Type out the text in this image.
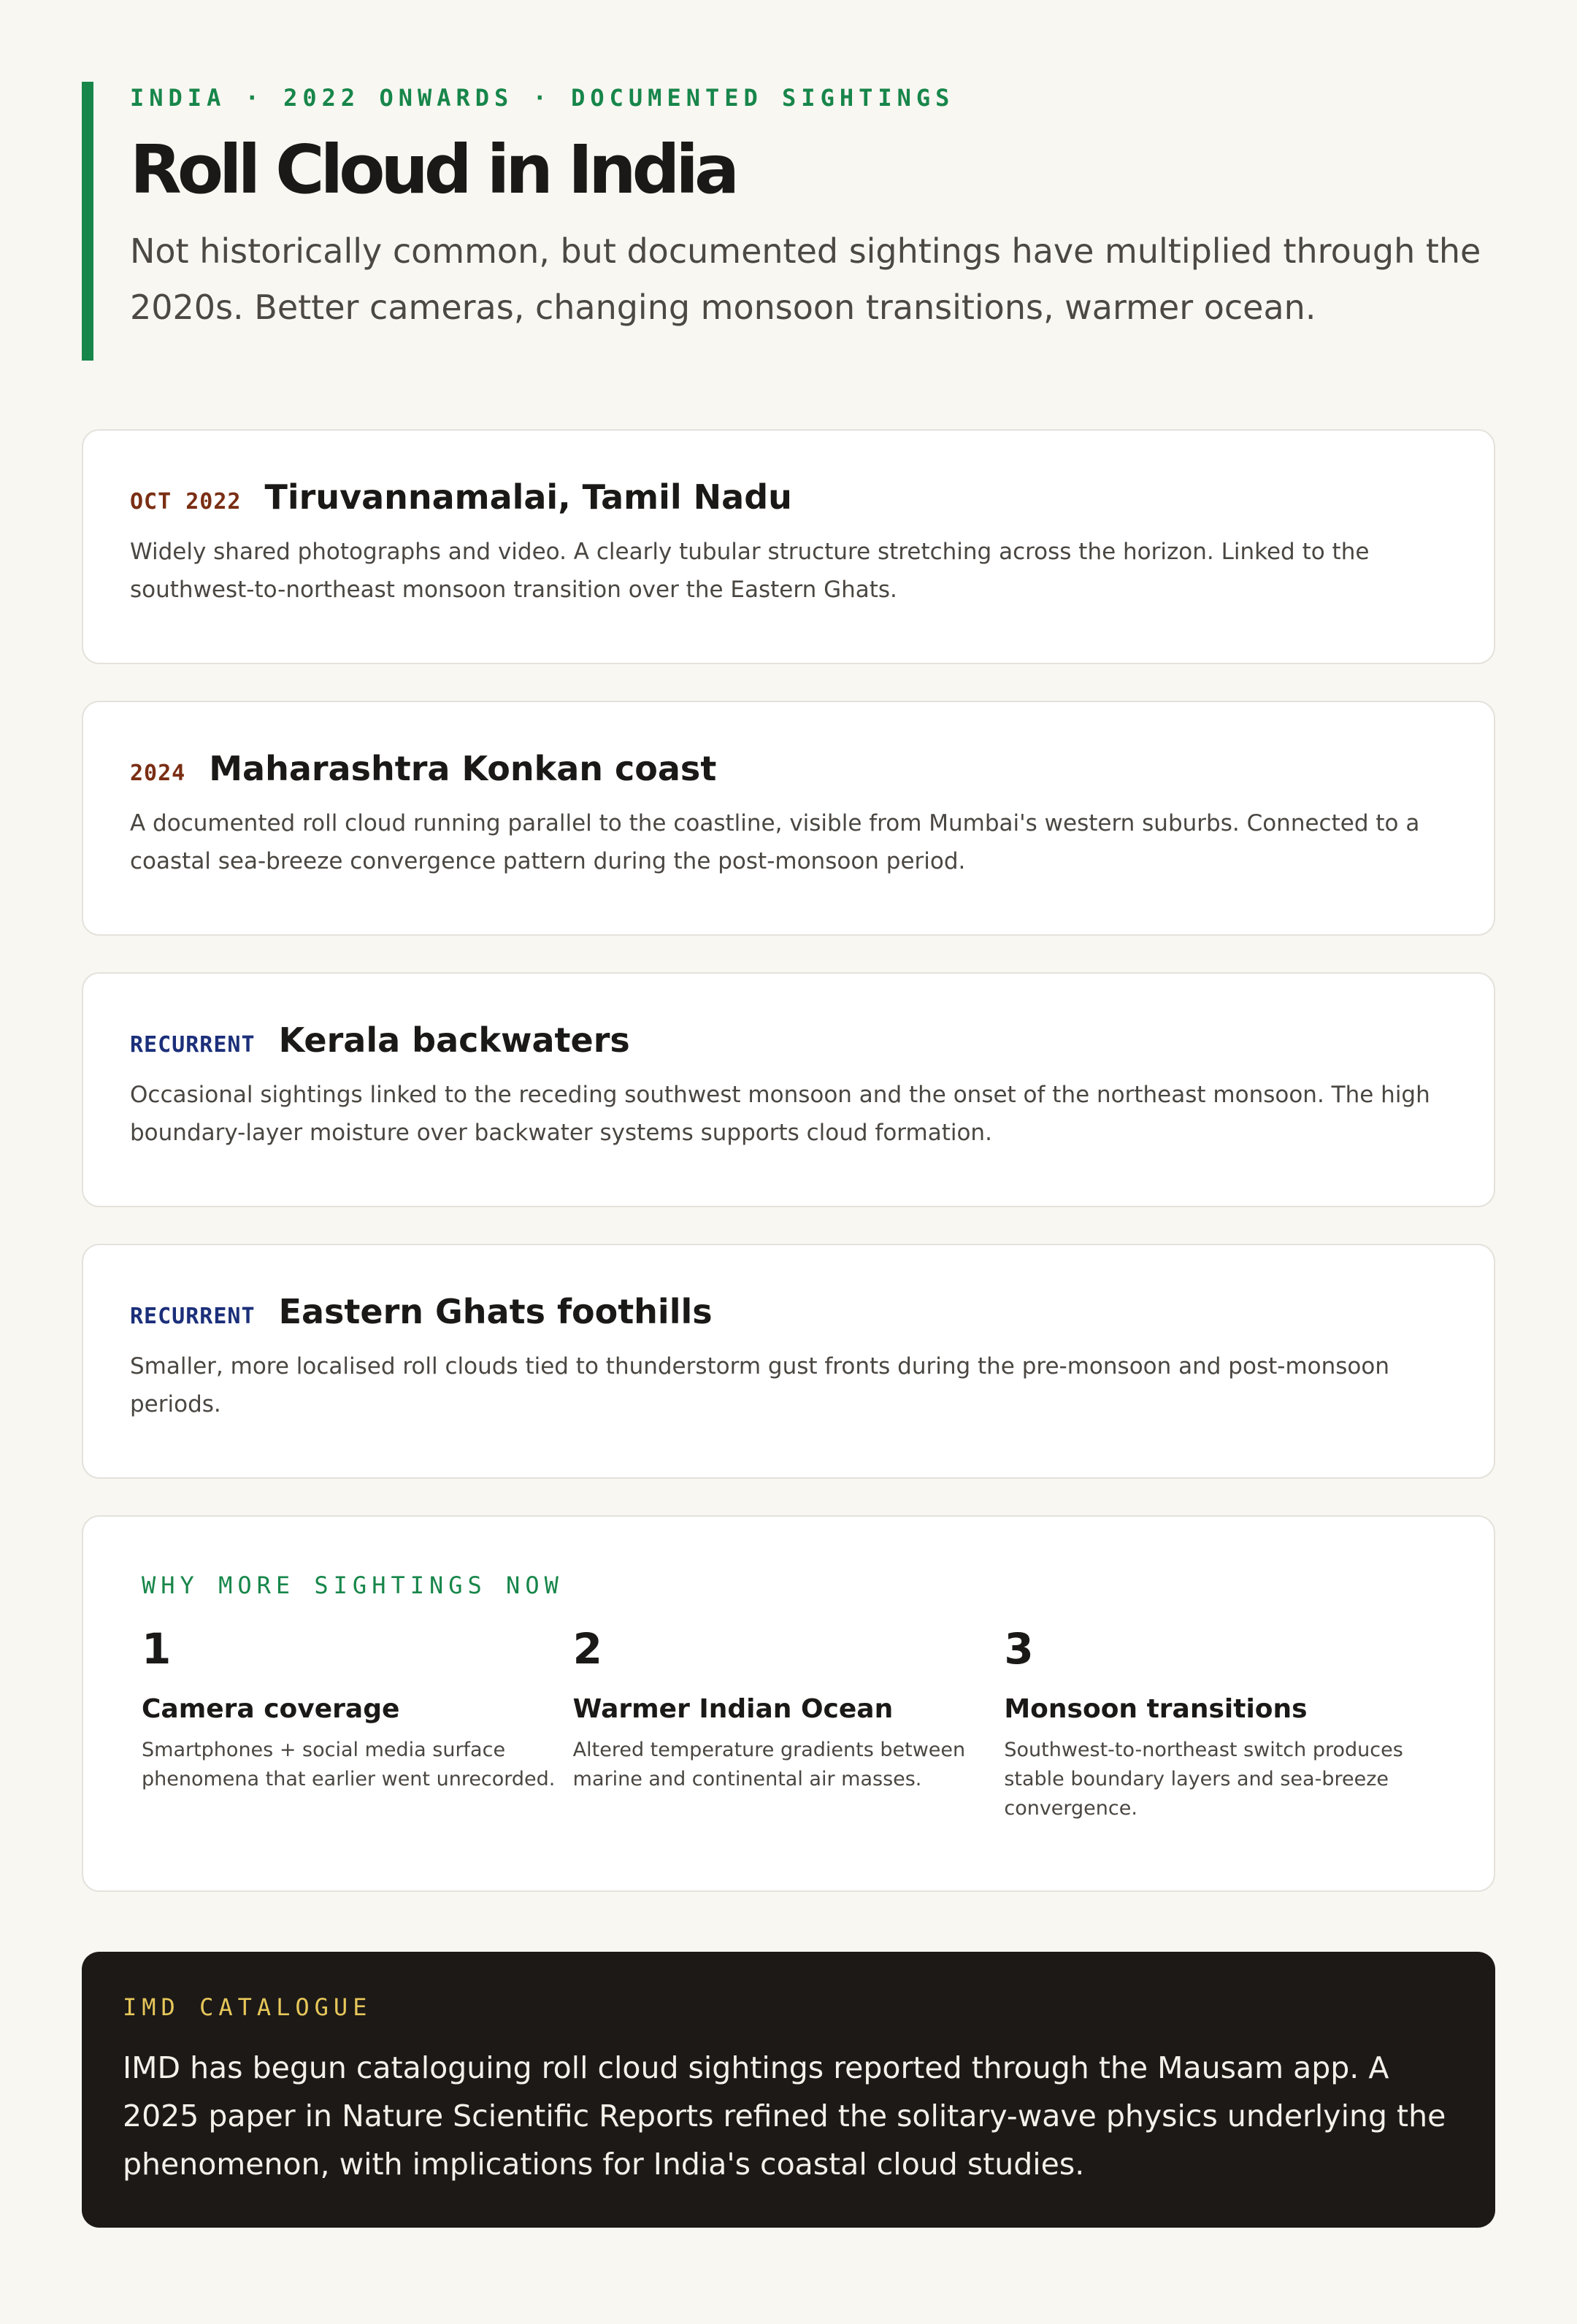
INDIA · 2022 ONWARDS · DOCUMENTED SIGHTINGS

Roll Cloud in India

Not historically common, but documented sightings have multiplied through the 2020s. Better cameras, changing monsoon transitions, warmer ocean.

OCT 2022 Tiruvannamalai, Tamil Nadu

Widely shared photographs and video. A clearly tubular structure stretching across the horizon. Linked to the southwest-to-northeast monsoon transition over the Eastern Ghats.

2024 Maharashtra Konkan coast

A documented roll cloud running parallel to the coastline, visible from Mumbai's western suburbs. Connected to a coastal sea-breeze convergence pattern during the post-monsoon period.

RECURRENT Kerala backwaters

Occasional sightings linked to the receding southwest monsoon and the onset of the northeast monsoon. The high boundary-layer moisture over backwater systems supports cloud formation.

RECURRENT Eastern Ghats foothills

Smaller, more localised roll clouds tied to thunderstorm gust fronts during the pre-monsoon and post-monsoon periods.

WHY MORE SIGHTINGS NOW

1
Camera coverage
Smartphones + social media surface phenomena that earlier went unrecorded.
2
Warmer Indian Ocean
Altered temperature gradients between marine and continental air masses.
3
Monsoon transitions
Southwest-to-northeast switch produces stable boundary layers and sea-breeze convergence.

IMD CATALOGUE

IMD has begun cataloguing roll cloud sightings reported through the Mausam app. A 2025 paper in Nature Scientific Reports refined the solitary-wave physics underlying the phenomenon, with implications for India's coastal cloud studies.
